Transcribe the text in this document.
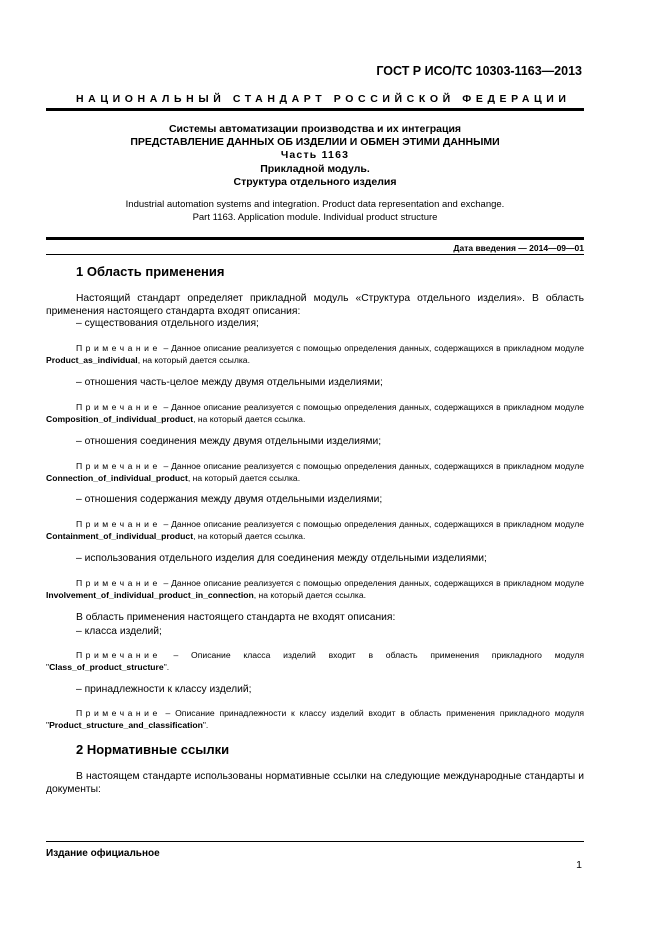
ГОСТ Р ИСО/ТС 10303-1163—2013
НАЦИОНАЛЬНЫЙ СТАНДАРТ РОССИЙСКОЙ ФЕДЕРАЦИИ
Системы автоматизации производства и их интеграция
ПРЕДСТАВЛЕНИЕ ДАННЫХ ОБ ИЗДЕЛИИ И ОБМЕН ЭТИМИ ДАННЫМИ
Часть 1163
Прикладной модуль.
Структура отдельного изделия
Industrial automation systems and integration. Product data representation and exchange.
Part 1163. Application module. Individual product structure
Дата введения — 2014—09—01
1 Область применения
Настоящий стандарт определяет прикладной модуль «Структура отдельного изделия». В область применения настоящего стандарта входят описания:
– существования отдельного изделия;
Примечание – Данное описание реализуется с помощью определения данных, содержащихся в прикладном модуле Product_as_individual, на который дается ссылка.
– отношения часть-целое между двумя отдельными изделиями;
Примечание – Данное описание реализуется с помощью определения данных, содержащихся в прикладном модуле Composition_of_individual_product, на который дается ссылка.
– отношения соединения между двумя отдельными изделиями;
Примечание – Данное описание реализуется с помощью определения данных, содержащихся в прикладном модуле Connection_of_individual_product, на который дается ссылка.
– отношения содержания между двумя отдельными изделиями;
Примечание – Данное описание реализуется с помощью определения данных, содержащихся в прикладном модуле Containment_of_individual_product, на который дается ссылка.
– использования отдельного изделия для соединения между отдельными изделиями;
Примечание – Данное описание реализуется с помощью определения данных, содержащихся в прикладном модуле Involvement_of_individual_product_in_connection, на который дается ссылка.
В область применения настоящего стандарта не входят описания:
– класса изделий;
Примечание – Описание класса изделий входит в область применения прикладного модуля "Class_of_product_structure".
– принадлежности к классу изделий;
Примечание – Описание принадлежности к классу изделий входит в область применения прикладного модуля "Product_structure_and_classification".
2 Нормативные ссылки
В настоящем стандарте использованы нормативные ссылки на следующие международные стандарты и документы:
Издание официальное
1
